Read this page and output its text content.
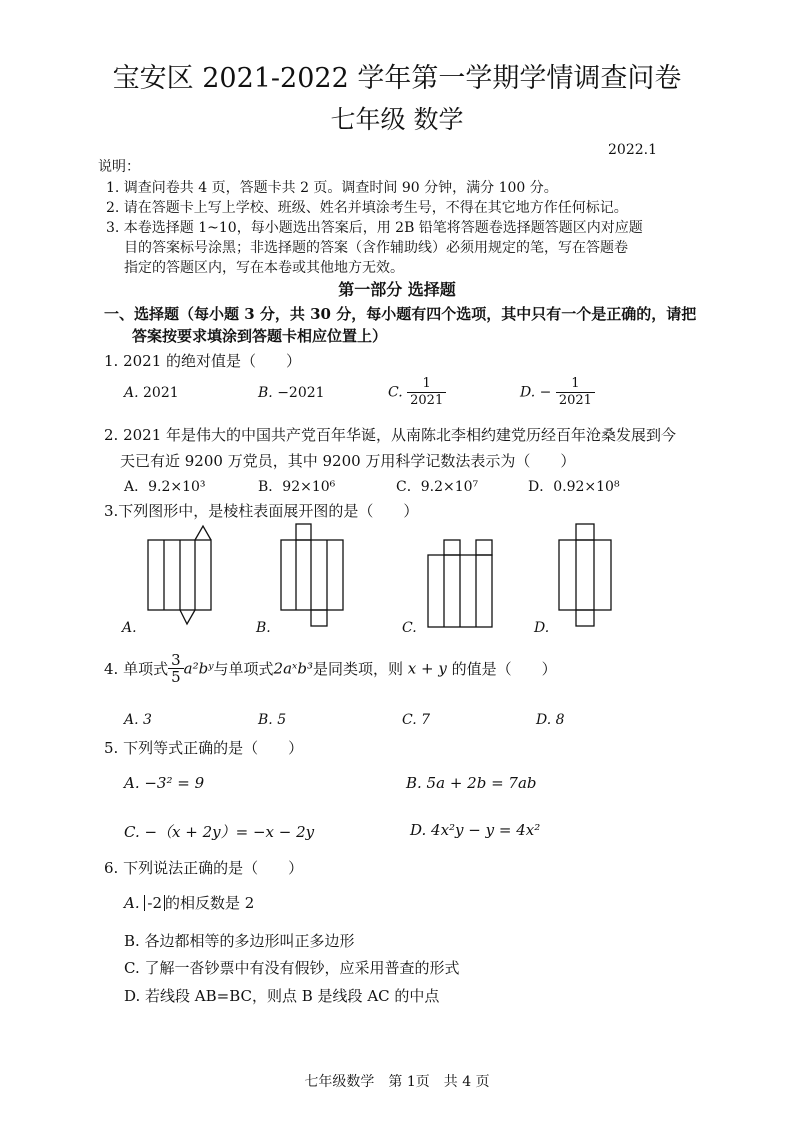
宝安区 2021-2022 学年第一学期学情调查问卷
七年级 数学
2022.1
说明：
1. 调查问卷共 4 页，答题卡共 2 页。调查时间 90 分钟，满分 100 分。
2. 请在答题卡上写上学校、班级、姓名并填涂考生号，不得在其它地方作任何标记。
3. 本卷选择题 1~10，每小题选出答案后，用 2B 铅笔将答题卷选择题答题区内对应题
目的答案标号涂黑；非选择题的答案（含作辅助线）必须用规定的笔，写在答题卷
指定的答题区内，写在本卷或其他地方无效。
第一部分 选择题
一、选择题（每小题 3 分，共 30 分，每小题有四个选项，其中只有一个是正确的，请把
答案按要求填涂到答题卡相应位置上）
1. 2021 的绝对值是（　　）
A. 2021	B. −2021	C. $\frac{1}{2021}$	D. − $\frac{1}{2021}$
2. 2021 年是伟大的中国共产党百年华诞，从南陈北李相约建党历经百年沧桑发展到今
天已有近 9200 万党员，其中 9200 万用科学记数法表示为（　　）
A．9.2×10³	B．92×10⁶	C．9.2×10⁷	D．0.92×10⁸
3.下列图形中，是棱柱表面展开图的是（　　）
A.	B.	C.	D.
4. 单项式 $\frac{3}{5}$ a²bʸ与单项式2aˣb³是同类项，则 x + y 的值是（　　）
A. 3	B. 5	C. 7	D. 8
5. 下列等式正确的是（　　）
A. −3² = 9	B. 5a + 2b = 7ab
C. −（x + 2y）= −x − 2y	D. 4x²y − y = 4x²
6. 下列说法正确的是（　　）
A. -2 的相反数是 2
B. 各边都相等的多边形叫正多边形
C. 了解一沓钞票中有没有假钞，应采用普查的形式
D. 若线段 AB=BC，则点 B 是线段 AC 的中点
七年级数学　第 1页　共 4 页
